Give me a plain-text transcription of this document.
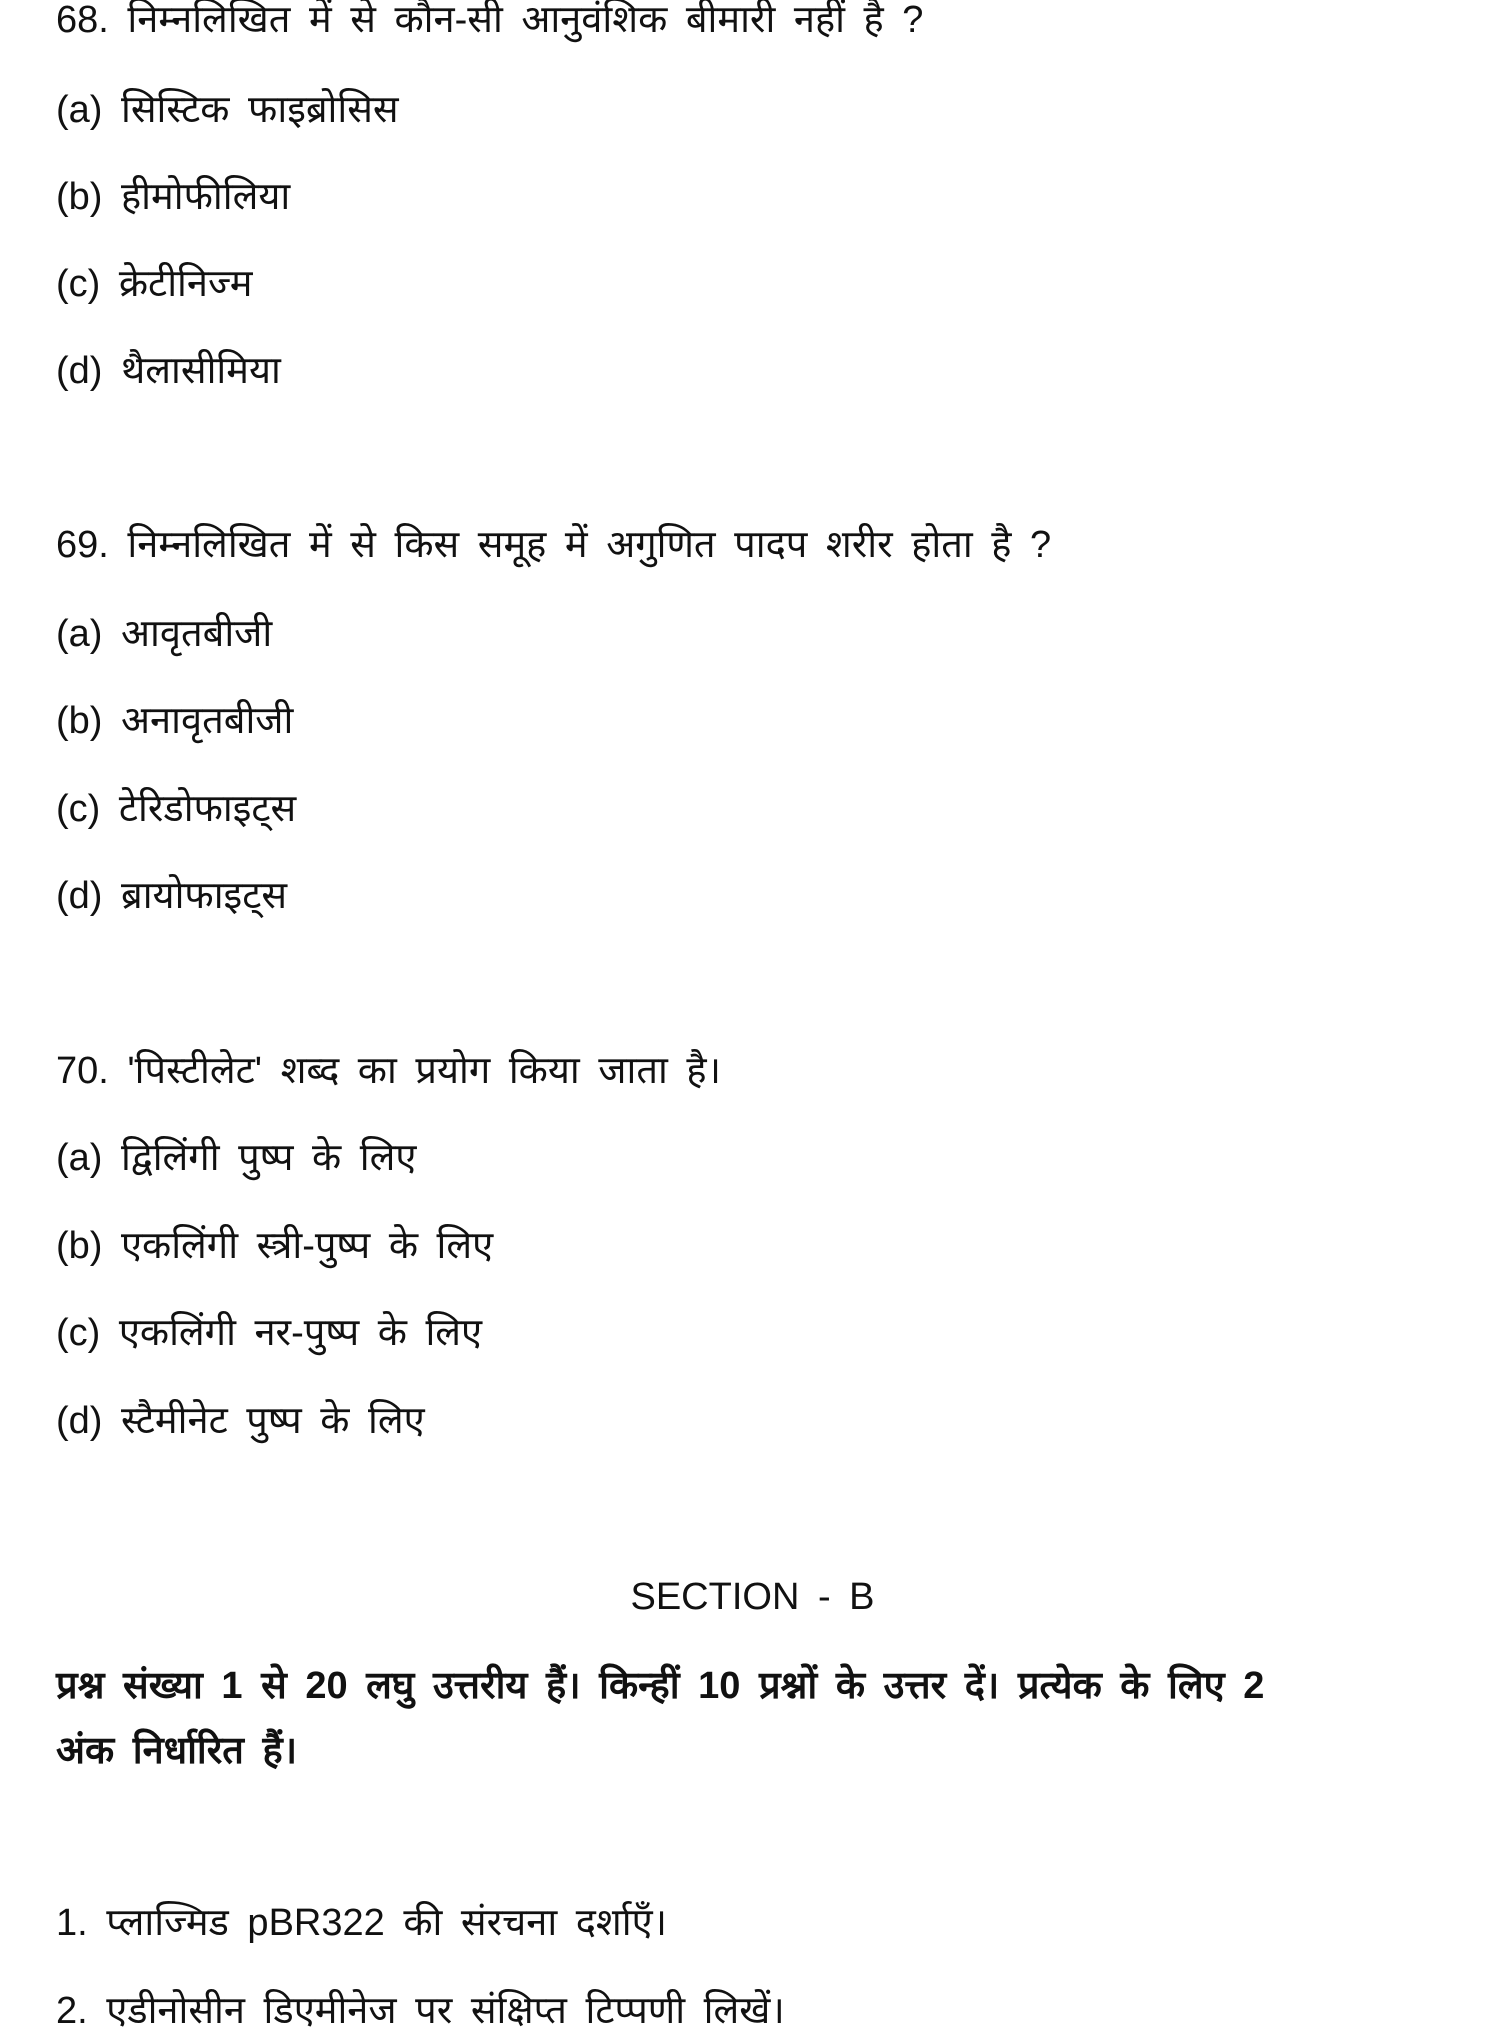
68. निम्नलिखित में से कौन-सी आनुवंशिक बीमारी नहीं है ?
(a) सिस्टिक फाइब्रोसिस
(b) हीमोफीलिया
(c) क्रेटीनिज्म
(d) थैलासीमिया
69. निम्नलिखित में से किस समूह में अगुणित पादप शरीर होता है ?
(a) आवृतबीजी
(b) अनावृतबीजी
(c) टेरिडोफाइट्स
(d) ब्रायोफाइट्स
70. 'पिस्टीलेट' शब्द का प्रयोग किया जाता है।
(a) द्विलिंगी पुष्प के लिए
(b) एकलिंगी स्त्री-पुष्प के लिए
(c) एकलिंगी नर-पुष्प के लिए
(d) स्टैमीनेट पुष्प के लिए
SECTION - B
प्रश्न संख्या 1 से 20 लघु उत्तरीय हैं। किन्हीं 10 प्रश्नों के उत्तर दें। प्रत्येक के लिए 2
अंक निर्धारित हैं।
1. प्लाज्मिड pBR322 की संरचना दर्शाएँ।
2. एडीनोसीन डिएमीनेज पर संक्षिप्त टिप्पणी लिखें।
